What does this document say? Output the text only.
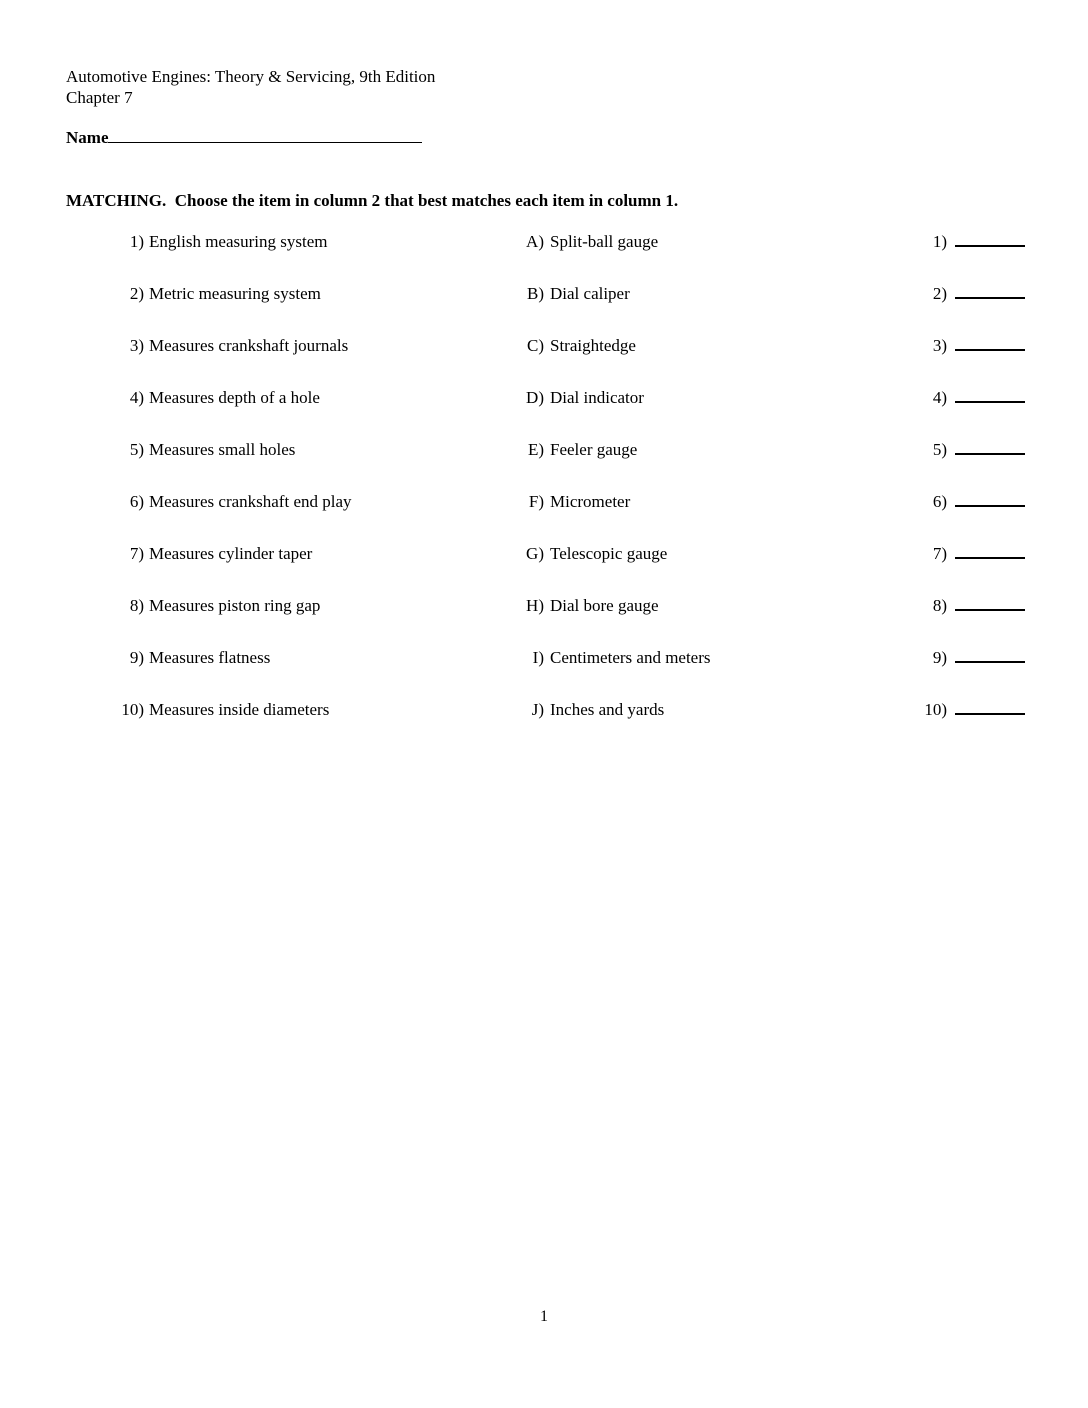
Automotive Engines: Theory & Servicing, 9th Edition
Chapter 7
Name
MATCHING.  Choose the item in column 2 that best matches each item in column 1.
1) English measuring system	A) Split-ball gauge	1)
2) Metric measuring system	B) Dial caliper	2)
3) Measures crankshaft journals	C) Straightedge	3)
4) Measures depth of a hole	D) Dial indicator	4)
5) Measures small holes	E) Feeler gauge	5)
6) Measures crankshaft end play	F) Micrometer	6)
7) Measures cylinder taper	G) Telescopic gauge	7)
8) Measures piston ring gap	H) Dial bore gauge	8)
9) Measures flatness	I) Centimeters and meters	9)
10) Measures inside diameters	J) Inches and yards	10)
1
